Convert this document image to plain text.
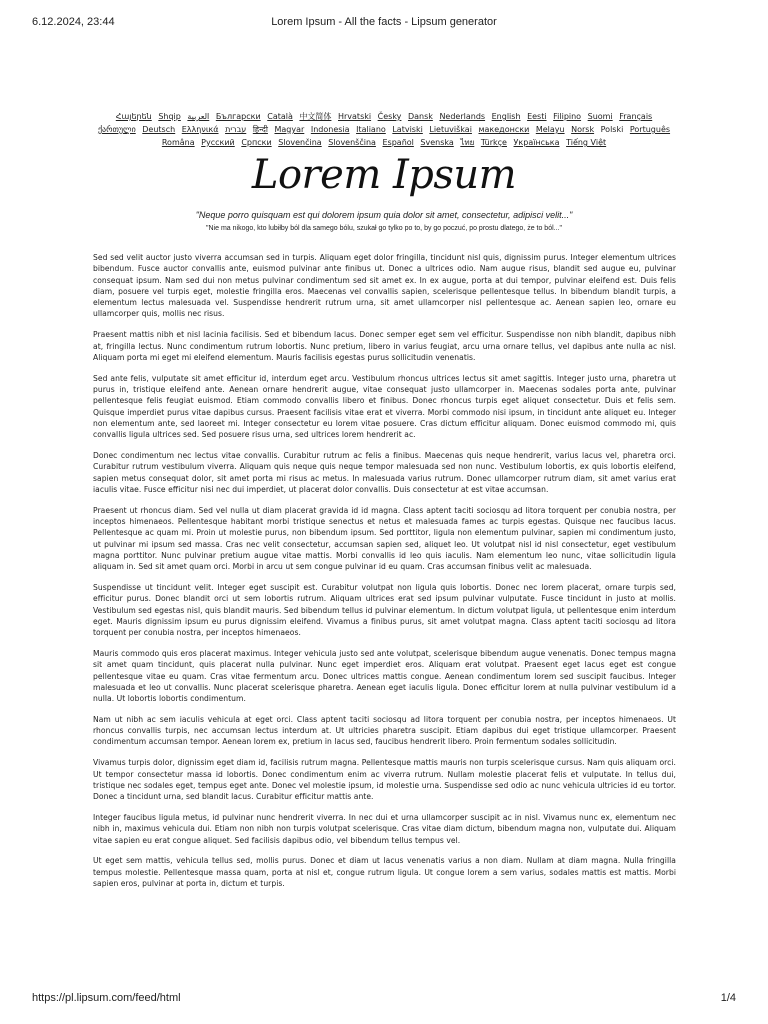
6.12.2024, 23:44	Lorem Ipsum - All the facts - Lipsum generator
Հայերեն Shqip العربية Български Català 中文简体 Hrvatski Česky Dansk Nederlands English Eesti Filipino Suomi Français ქართული Deutsch Ελληνικά עברית हिन्दी Magyar Indonesia Italiano Latviski Lietuviškai македонски Melayu Norsk Polski Português Româna Pyccкий Српски Slovenčina Slovenščina Español Svenska ไทย Türkçe Українська Tiếng Việt
Lorem Ipsum
"Neque porro quisquam est qui dolorem ipsum quia dolor sit amet, consectetur, adipisci velit..."
"Nie ma nikogo, kto lubiłby ból dla samego bólu, szukał go tylko po to, by go poczuć, po prostu dlatego, że to ból..."

Sed sed velit auctor justo viverra accumsan sed in turpis. Aliquam eget dolor fringilla, tincidunt nisl quis, dignissim purus. Integer elementum ultrices bibendum. Fusce auctor convallis ante, euismod pulvinar ante finibus ut. Donec a ultrices odio. Nam augue risus, blandit sed augue eu, pulvinar consequat ipsum. Nam sed dui non metus pulvinar condimentum sed sit amet ex. In ex augue, porta at dui tempor, pulvinar eleifend est. Duis felis diam, posuere vel turpis eget, molestie fringilla eros. Maecenas vel convallis sapien, scelerisque pellentesque tellus. In bibendum blandit turpis, a elementum lectus malesuada vel. Suspendisse hendrerit rutrum urna, sit amet ullamcorper nisl pellentesque ac. Aenean sapien leo, ornare eu ullamcorper quis, mollis nec risus.

Praesent mattis nibh et nisl lacinia facilisis. Sed et bibendum lacus. Donec semper eget sem vel efficitur. Suspendisse non nibh blandit, dapibus nibh at, fringilla lectus. Nunc condimentum rutrum lobortis. Nunc pretium, libero in varius feugiat, arcu urna ornare tellus, vel dapibus ante nulla ac nisl. Aliquam porta mi eget mi eleifend elementum. Mauris facilisis egestas purus sollicitudin venenatis.

Sed ante felis, vulputate sit amet efficitur id, interdum eget arcu. Vestibulum rhoncus ultrices lectus sit amet sagittis. Integer justo urna, pharetra ut purus in, tristique eleifend ante. Aenean ornare hendrerit augue, vitae consequat justo ullamcorper in. Maecenas sodales porta ante, pulvinar pellentesque felis feugiat euismod. Etiam commodo convallis libero et finibus. Donec rhoncus turpis eget aliquet consectetur. Duis et felis sem. Quisque imperdiet purus vitae dapibus cursus. Praesent facilisis vitae erat et viverra. Morbi commodo nisi ipsum, in tincidunt ante aliquet eu. Integer non elementum ante, sed laoreet mi. Integer consectetur eu lorem vitae posuere. Cras dictum efficitur aliquam. Donec euismod commodo mi, quis convallis ligula ultrices sed. Sed posuere risus urna, sed ultrices lorem hendrerit ac.

Donec condimentum nec lectus vitae convallis. Curabitur rutrum ac felis a finibus. Maecenas quis neque hendrerit, varius lacus vel, pharetra orci. Curabitur rutrum vestibulum viverra. Aliquam quis neque quis neque tempor malesuada sed non nunc. Vestibulum lobortis, ex quis lobortis eleifend, sapien metus consequat dolor, sit amet porta mi risus ac metus. In malesuada varius rutrum. Donec ullamcorper rutrum diam, sit amet varius erat iaculis vitae. Fusce efficitur nisi nec dui imperdiet, ut placerat dolor convallis. Duis consectetur at est vitae accumsan.

Praesent ut rhoncus diam. Sed vel nulla ut diam placerat gravida id id magna. Class aptent taciti sociosqu ad litora torquent per conubia nostra, per inceptos himenaeos. Pellentesque habitant morbi tristique senectus et netus et malesuada fames ac turpis egestas. Quisque nec faucibus lacus. Pellentesque ac quam mi. Proin ut molestie purus, non bibendum ipsum. Sed porttitor, ligula non elementum pulvinar, sapien mi condimentum justo, ut pulvinar mi ipsum sed massa. Cras nec velit consectetur, accumsan sapien sed, aliquet leo. Ut volutpat nisl id nisl consectetur, eget vestibulum magna porttitor. Nunc pulvinar pretium augue vitae mattis. Morbi convallis id leo quis iaculis. Nam elementum leo nunc, vitae sollicitudin ligula aliquam in. Sed sit amet quam orci. Morbi in arcu ut sem congue pulvinar id eu quam. Cras accumsan finibus velit ac malesuada.

Suspendisse ut tincidunt velit. Integer eget suscipit est. Curabitur volutpat non ligula quis lobortis. Donec nec lorem placerat, ornare turpis sed, efficitur purus. Donec blandit orci ut sem lobortis rutrum. Aliquam ultrices erat sed ipsum pulvinar vulputate. Fusce tincidunt in justo at mollis. Vestibulum sed egestas nisl, quis blandit mauris. Sed bibendum tellus id pulvinar elementum. In dictum volutpat ligula, ut pellentesque enim interdum eget. Mauris dignissim ipsum eu purus dignissim eleifend. Vivamus a finibus purus, sit amet volutpat magna. Class aptent taciti sociosqu ad litora torquent per conubia nostra, per inceptos himenaeos.

Mauris commodo quis eros placerat maximus. Integer vehicula justo sed ante volutpat, scelerisque bibendum augue venenatis. Donec tempus magna sit amet quam tincidunt, quis placerat nulla pulvinar. Nunc eget imperdiet eros. Aliquam erat volutpat. Praesent eget lacus eget est congue pellentesque vitae eu quam. Cras vitae fermentum arcu. Donec ultrices mattis congue. Aenean condimentum lorem sed suscipit faucibus. Integer malesuada et leo ut convallis. Nunc placerat scelerisque pharetra. Aenean eget iaculis ligula. Donec efficitur lorem at nulla pulvinar vestibulum id a nulla. Ut lobortis lobortis condimentum.

Nam ut nibh ac sem iaculis vehicula at eget orci. Class aptent taciti sociosqu ad litora torquent per conubia nostra, per inceptos himenaeos. Ut rhoncus convallis turpis, nec accumsan lectus interdum at. Ut ultricies pharetra suscipit. Etiam dapibus dui eget tristique ullamcorper. Praesent condimentum accumsan tempor. Aenean lorem ex, pretium in lacus sed, faucibus hendrerit libero. Proin fermentum sodales sollicitudin.

Vivamus turpis dolor, dignissim eget diam id, facilisis rutrum magna. Pellentesque mattis mauris non turpis scelerisque cursus. Nam quis aliquam orci. Ut tempor consectetur massa id lobortis. Donec condimentum enim ac viverra rutrum. Nullam molestie placerat felis et vulputate. In tellus dui, tristique nec sodales eget, tempus eget ante. Donec vel molestie ipsum, id molestie urna. Suspendisse sed odio ac nunc vehicula ultricies id eu tortor. Donec a tincidunt urna, sed blandit lacus. Curabitur efficitur mattis ante.

Integer faucibus ligula metus, id pulvinar nunc hendrerit viverra. In nec dui et urna ullamcorper suscipit ac in nisl. Vivamus nunc ex, elementum nec nibh in, maximus vehicula dui. Etiam non nibh non turpis volutpat scelerisque. Cras vitae diam dictum, bibendum magna non, vulputate dui. Aliquam vitae sapien eu erat congue aliquet. Sed facilisis dapibus odio, vel bibendum tellus tempus vel.

Ut eget sem mattis, vehicula tellus sed, mollis purus. Donec et diam ut lacus venenatis varius a non diam. Nullam at diam magna. Nulla fringilla tempus molestie. Pellentesque massa quam, porta at nisl et, congue rutrum ligula. Ut congue lorem a sem varius, sodales mattis est mattis. Morbi sapien eros, pulvinar at porta in, dictum et turpis.

https://pl.lipsum.com/feed/html	1/4
